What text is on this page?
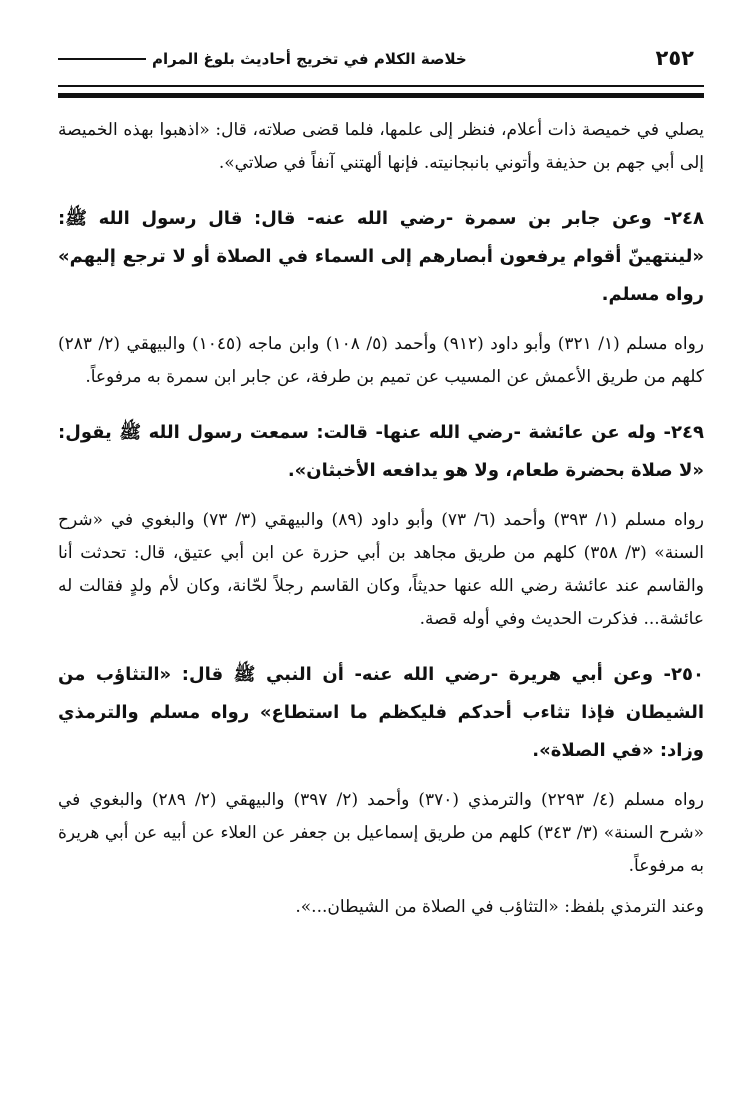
٢٥٢
خلاصة الكلام في تخريج أحاديث بلوغ المرام

يصلي في خميصة ذات أعلام، فنظر إلى علمها، فلما قضى صلاته، قال: «اذهبوا بهذه الخميصة إلى أبي جهم بن حذيفة وأتوني بانبجانيته. فإنها ألهتني آنفاً في صلاتي».

٢٤٨- وعن جابر بن سمرة -رضي الله عنه- قال: قال رسول الله ﷺ: «لينتهينّ أقوام يرفعون أبصارهم إلى السماء في الصلاة أو لا ترجع إليهم» رواه مسلم.

رواه مسلم (١/ ٣٢١) وأبو داود (٩١٢) وأحمد (٥/ ١٠٨) وابن ماجه (١٠٤٥) والبيهقي (٢/ ٢٨٣) كلهم من طريق الأعمش عن المسيب عن تميم بن طرفة، عن جابر ابن سمرة به مرفوعاً.

٢٤٩- وله عن عائشة -رضي الله عنها- قالت: سمعت رسول الله ﷺ يقول: «لا صلاة بحضرة طعام، ولا هو يدافعه الأخبثان».

رواه مسلم (١/ ٣٩٣) وأحمد (٦/ ٧٣) وأبو داود (٨٩) والبيهقي (٣/ ٧٣) والبغوي في «شرح السنة» (٣/ ٣٥٨) كلهم من طريق مجاهد بن أبي حزرة عن ابن أبي عتيق، قال: تحدثت أنا والقاسم عند عائشة رضي الله عنها حديثاً، وكان القاسم رجلاً لحّانة، وكان لأم ولدٍ فقالت له عائشة... فذكرت الحديث وفي أوله قصة.

٢٥٠- وعن أبي هريرة -رضي الله عنه- أن النبي ﷺ قال: «التثاؤب من الشيطان فإذا تثاءب أحدكم فليكظم ما استطاع» رواه مسلم والترمذي وزاد: «في الصلاة».

رواه مسلم (٤/ ٢٢٩٣) والترمذي (٣٧٠) وأحمد (٢/ ٣٩٧) والبيهقي (٢/ ٢٨٩) والبغوي في «شرح السنة» (٣/ ٣٤٣) كلهم من طريق إسماعيل بن جعفر عن العلاء عن أبيه عن أبي هريرة به مرفوعاً.

وعند الترمذي بلفظ: «التثاؤب في الصلاة من الشيطان...».
